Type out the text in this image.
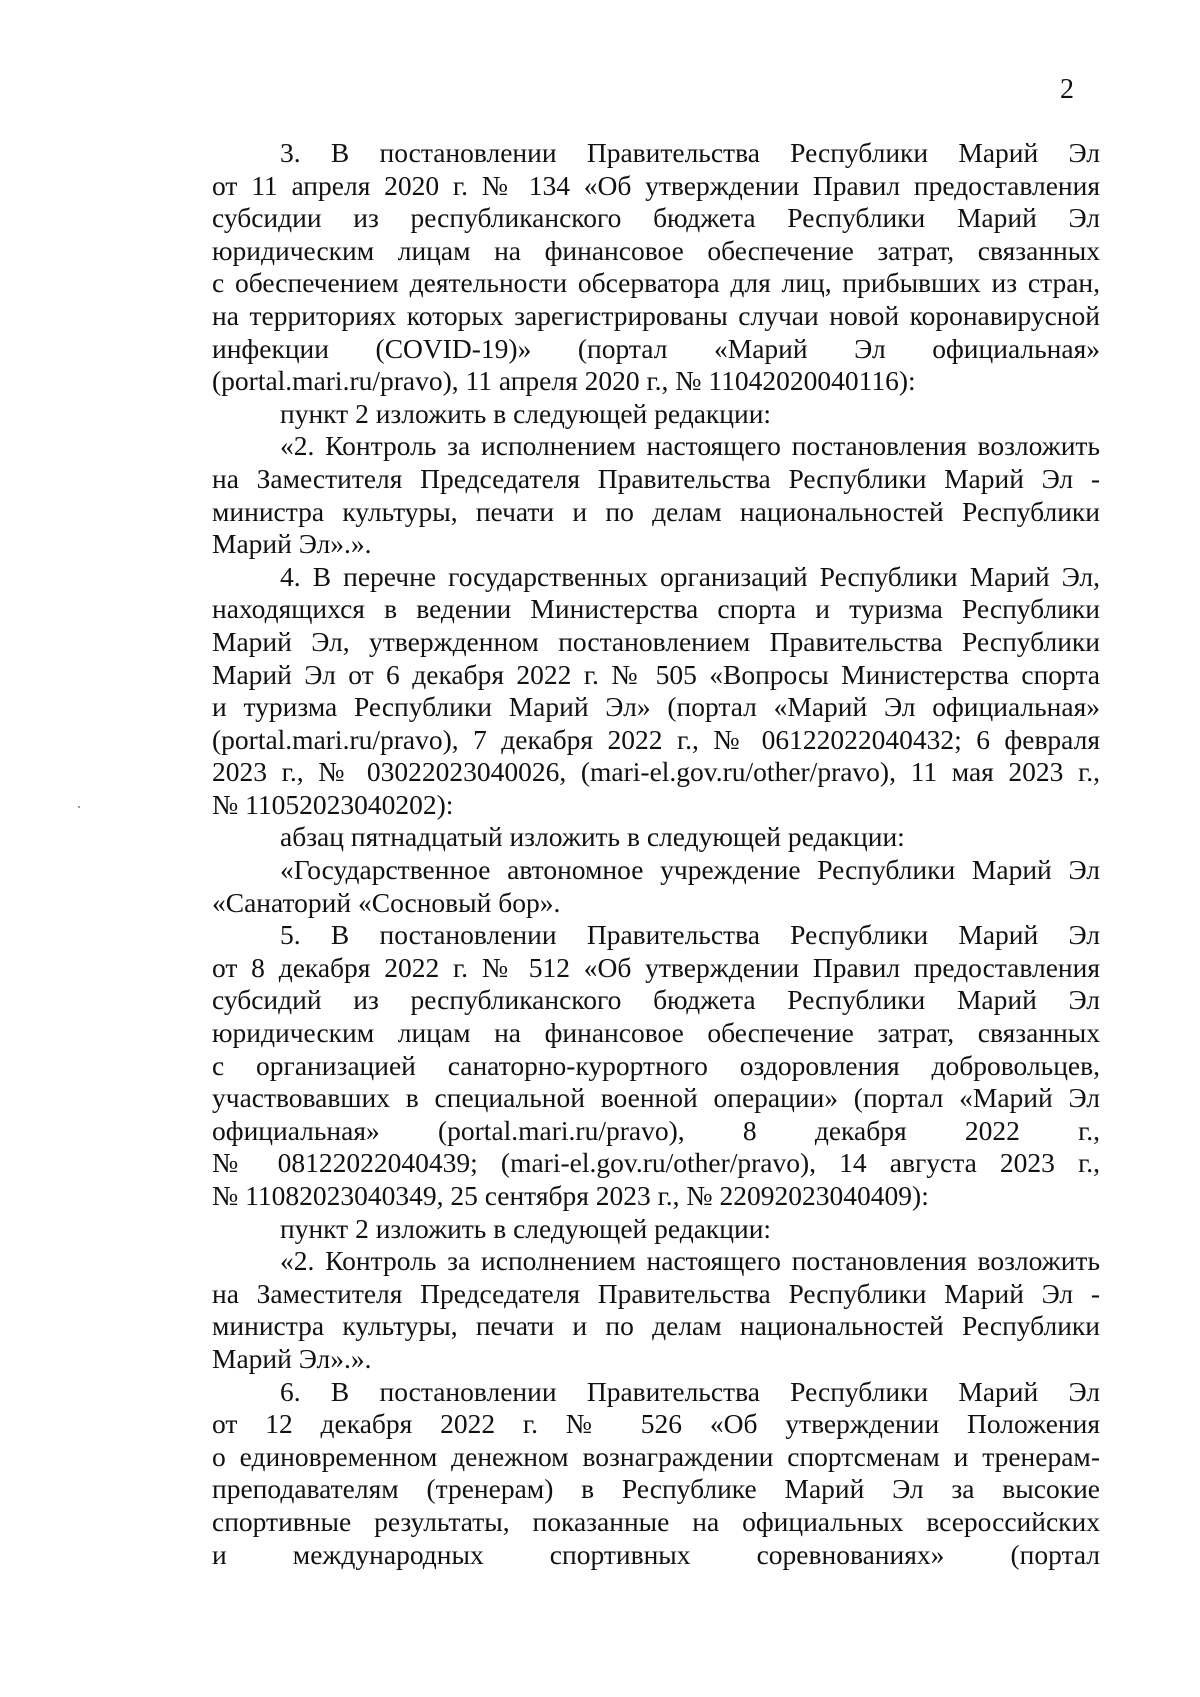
2
3. В постановлении Правительства Республики Марий Эл
от 11 апреля 2020 г. № 134 «Об утверждении Правил предоставления
субсидии из республиканского бюджета Республики Марий Эл
юридическим лицам на финансовое обеспечение затрат, связанных
с обеспечением деятельности обсерватора для лиц, прибывших из стран,
на территориях которых зарегистрированы случаи новой коронавирусной
инфекции (COVID-19)» (портал «Марий Эл официальная»
(portal.mari.ru/pravo), 11 апреля 2020 г., № 11042020040116):
пункт 2 изложить в следующей редакции:
«2. Контроль за исполнением настоящего постановления возложить
на Заместителя Председателя Правительства Республики Марий Эл -
министра культуры, печати и по делам национальностей Республики
Марий Эл».».
4. В перечне государственных организаций Республики Марий Эл,
находящихся в ведении Министерства спорта и туризма Республики
Марий Эл, утвержденном постановлением Правительства Республики
Марий Эл от 6 декабря 2022 г. № 505 «Вопросы Министерства спорта
и туризма Республики Марий Эл» (портал «Марий Эл официальная»
(portal.mari.ru/pravo), 7 декабря 2022 г., № 06122022040432; 6 февраля
2023 г., № 03022023040026, (mari-el.gov.ru/other/pravo), 11 мая 2023 г.,
№ 11052023040202):
абзац пятнадцатый изложить в следующей редакции:
«Государственное автономное учреждение Республики Марий Эл
«Санаторий «Сосновый бор».
5. В постановлении Правительства Республики Марий Эл
от 8 декабря 2022 г. № 512 «Об утверждении Правил предоставления
субсидий из республиканского бюджета Республики Марий Эл
юридическим лицам на финансовое обеспечение затрат, связанных
с организацией санаторно-курортного оздоровления добровольцев,
участвовавших в специальной военной операции» (портал «Марий Эл
официальная» (portal.mari.ru/pravo), 8 декабря 2022 г.,
№ 08122022040439; (mari-el.gov.ru/other/pravo), 14 августа 2023 г.,
№ 11082023040349, 25 сентября 2023 г., № 22092023040409):
пункт 2 изложить в следующей редакции:
«2. Контроль за исполнением настоящего постановления возложить
на Заместителя Председателя Правительства Республики Марий Эл -
министра культуры, печати и по делам национальностей Республики
Марий Эл».».
6. В постановлении Правительства Республики Марий Эл
от 12 декабря 2022 г. № 526 «Об утверждении Положения
о единовременном денежном вознаграждении спортсменам и тренерам-
преподавателям (тренерам) в Республике Марий Эл за высокие
спортивные результаты, показанные на официальных всероссийских
и международных спортивных соревнованиях» (портал
